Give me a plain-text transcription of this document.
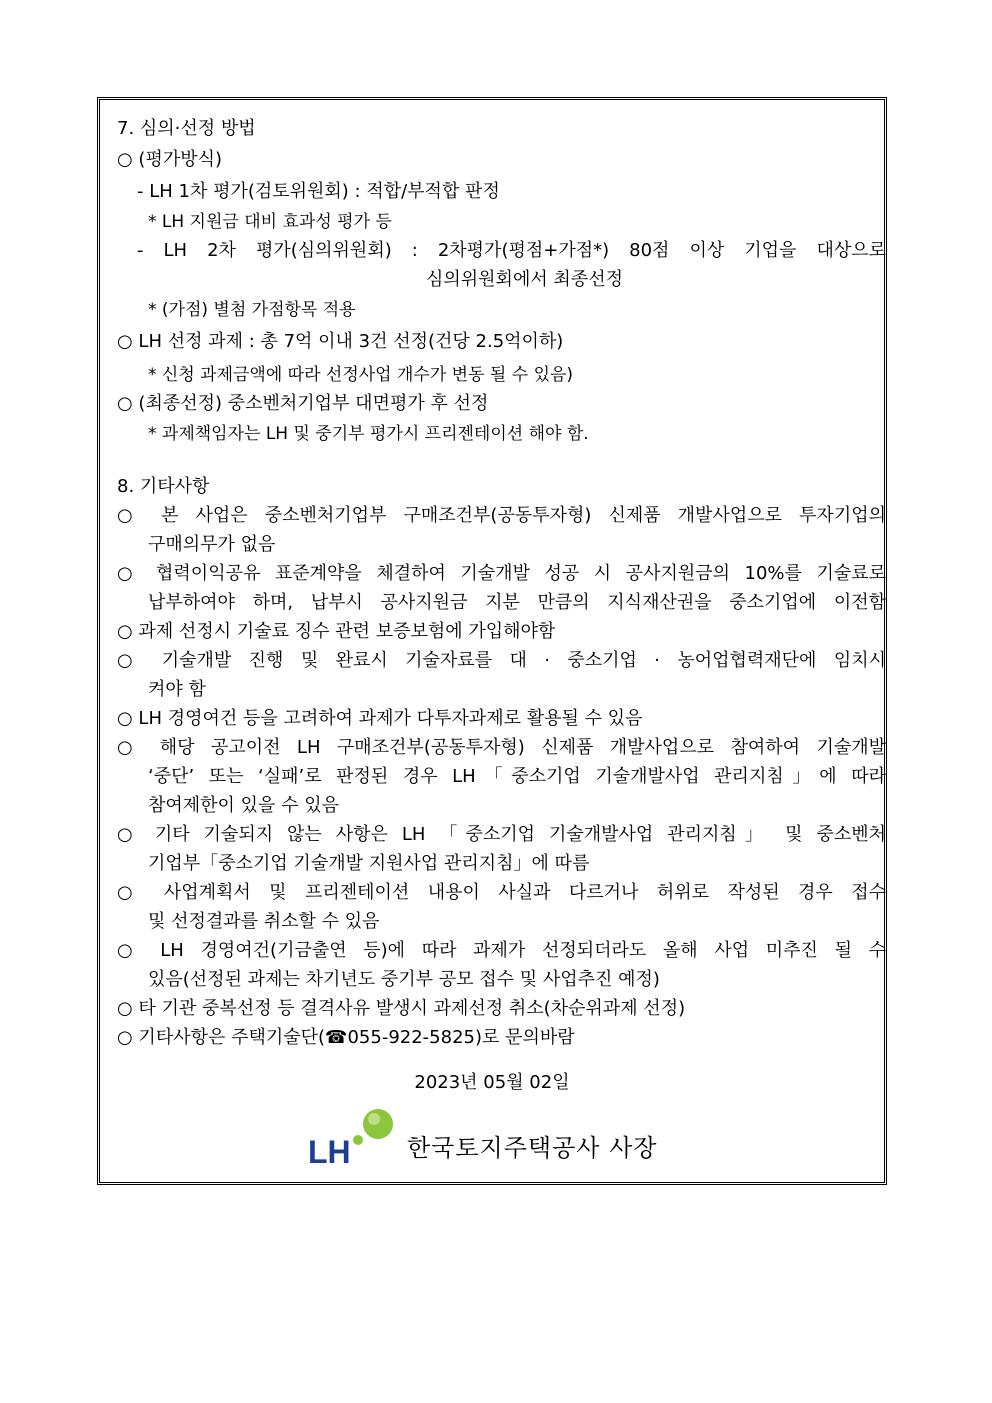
7. 심의·선정 방법
○ (평가방식)
- LH 1차 평가(검토위원회) : 적합/부적합 판정
* LH 지원금 대비 효과성 평가 등
- LH 2차 평가(심의위원회) : 2차평가(평점+가점*) 80점 이상 기업을 대상으로
심의위원회에서 최종선정
* (가점) 별첨 가점항목 적용
○ LH 선정 과제 : 총 7억 이내 3건 선정(건당 2.5억이하)
* 신청 과제금액에 따라 선정사업 개수가 변동 될 수 있음)
○ (최종선정) 중소벤처기업부 대면평가 후 선정
* 과제책임자는 LH 및 중기부 평가시 프리젠테이션 해야 함.
8. 기타사항
○ 본 사업은 중소벤처기업부 구매조건부(공동투자형) 신제품 개발사업으로 투자기업의
구매의무가 없음
○ 협력이익공유 표준계약을 체결하여 기술개발 성공 시 공사지원금의 10%를 기술료로
납부하여야 하며, 납부시 공사지원금 지분 만큼의 지식재산권을 중소기업에 이전함
○ 과제 선정시 기술료 징수 관련 보증보험에 가입해야함
○ 기술개발 진행 및 완료시 기술자료를 대 · 중소기업 · 농어업협력재단에 임치시
켜야 함
○ LH 경영여건 등을 고려하여 과제가 다투자과제로 활용될 수 있음
○ 해당 공고이전 LH 구매조건부(공동투자형) 신제품 개발사업으로 참여하여 기술개발
‘중단’ 또는 ‘실패’로 판정된 경우 LH「중소기업 기술개발사업 관리지침」에 따라
참여제한이 있을 수 있음
○ 기타 기술되지 않는 사항은 LH 「중소기업 기술개발사업 관리지침」 및 중소벤처
기업부「중소기업 기술개발 지원사업 관리지침」에 따름
○ 사업계획서 및 프리젠테이션 내용이 사실과 다르거나 허위로 작성된 경우 접수
및 선정결과를 취소할 수 있음
○ LH 경영여건(기금출연 등)에 따라 과제가 선정되더라도 올해 사업 미추진 될 수
있음(선정된 과제는 차기년도 중기부 공모 접수 및 사업추진 예정)
○ 타 기관 중복선정 등 결격사유 발생시 과제선정 취소(차순위과제 선정)
○ 기타사항은 주택기술단(☎055-922-5825)로 문의바람
2023년 05월 02일
LH 한국토지주택공사 사장
